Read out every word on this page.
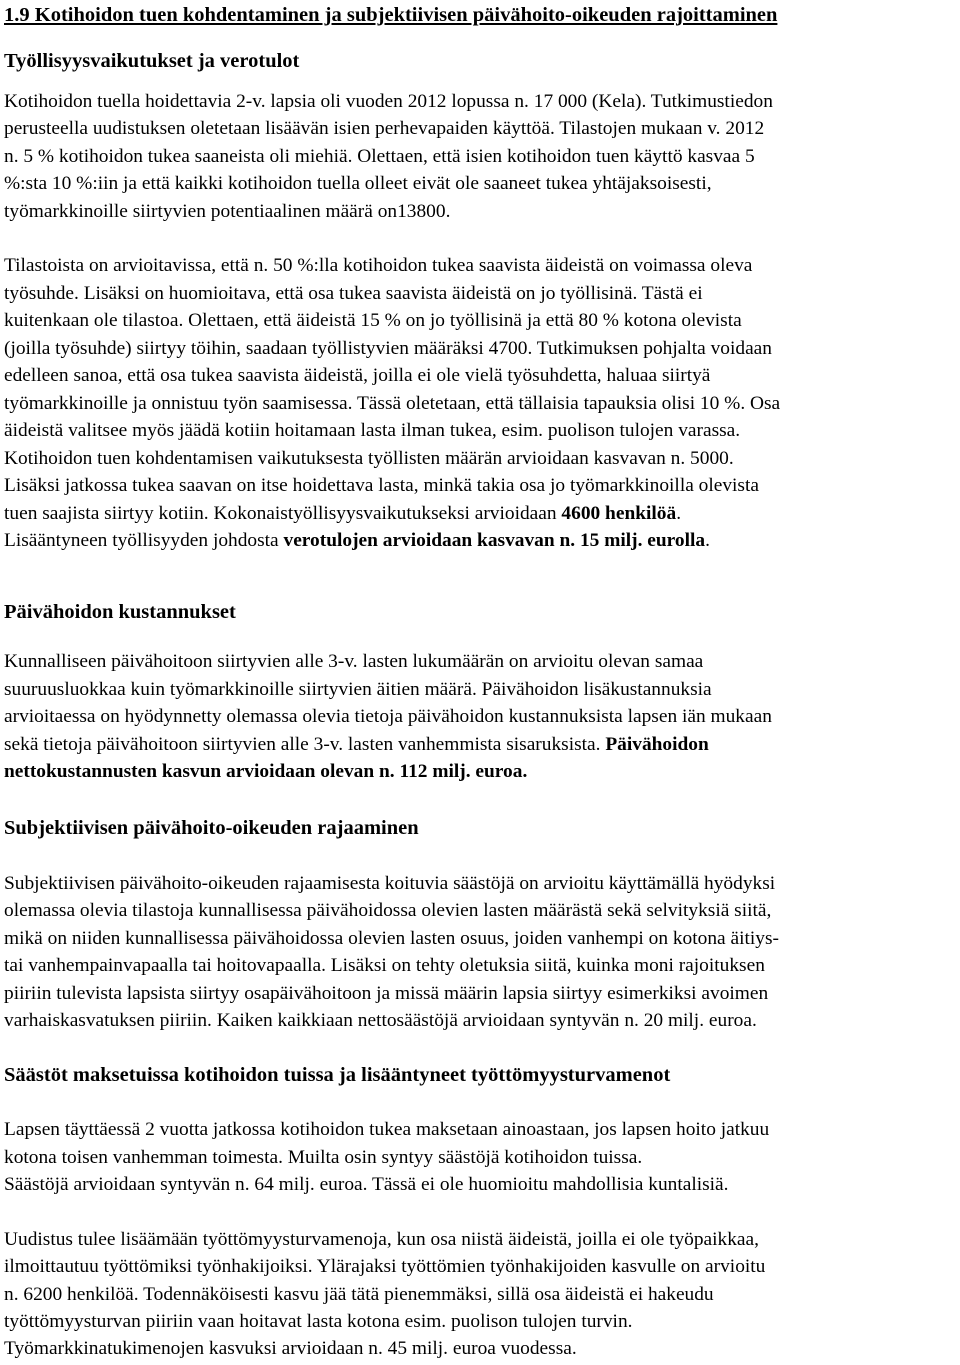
1.9 Kotihoidon tuen kohdentaminen ja subjektiivisen päivähoito-oikeuden rajoittaminen
Työllisyysvaikutukset ja verotulot
Kotihoidon tuella hoidettavia 2-v. lapsia oli vuoden 2012 lopussa n. 17 000 (Kela). Tutkimustiedon
perusteella uudistuksen oletetaan lisäävän isien perhevapaiden käyttöä. Tilastojen mukaan v. 2012
n. 5 % kotihoidon tukea saaneista oli miehiä. Olettaen, että isien kotihoidon tuen käyttö kasvaa 5
%:sta 10 %:iin ja että kaikki kotihoidon tuella olleet eivät ole saaneet tukea yhtäjaksoisesti,
työmarkkinoille siirtyvien potentiaalinen määrä on13800.
Tilastoista on arvioitavissa, että n. 50 %:lla kotihoidon tukea saavista äideistä on voimassa oleva
työsuhde. Lisäksi on huomioitava, että osa tukea saavista äideistä on jo työllisinä. Tästä ei
kuitenkaan ole tilastoa. Olettaen, että äideistä 15 % on jo työllisinä ja että 80 % kotona olevista
(joilla työsuhde) siirtyy töihin, saadaan työllistyvien määräksi 4700. Tutkimuksen pohjalta voidaan
edelleen sanoa, että osa tukea saavista äideistä, joilla ei ole vielä työsuhdetta, haluaa siirtyä
työmarkkinoille ja onnistuu työn saamisessa. Tässä oletetaan, että tällaisia tapauksia olisi 10 %. Osa
äideistä valitsee myös jäädä kotiin hoitamaan lasta ilman tukea, esim. puolison tulojen varassa.
Kotihoidon tuen kohdentamisen vaikutuksesta työllisten määrän arvioidaan kasvavan n. 5000.
Lisäksi jatkossa tukea saavan on itse hoidettava lasta, minkä takia osa jo työmarkkinoilla olevista
tuen saajista siirtyy kotiin. Kokonaistyöllisyysvaikutukseksi arvioidaan 4600 henkilöä.
Lisääntyneen työllisyyden johdosta verotulojen arvioidaan kasvavan n. 15 milj. eurolla.
Päivähoidon kustannukset
Kunnalliseen päivähoitoon siirtyvien alle 3-v. lasten lukumäärän on arvioitu olevan samaa
suuruusluokkaa kuin työmarkkinoille siirtyvien äitien määrä. Päivähoidon lisäkustannuksia
arvioitaessa on hyödynnetty olemassa olevia tietoja päivähoidon kustannuksista lapsen iän mukaan
sekä tietoja päivähoitoon siirtyvien alle 3-v. lasten vanhemmista sisaruksista. Päivähoidon
nettokustannusten kasvun arvioidaan olevan n. 112 milj. euroa.
Subjektiivisen päivähoito-oikeuden rajaaminen
Subjektiivisen päivähoito-oikeuden rajaamisesta koituvia säästöjä on arvioitu käyttämällä hyödyksi
olemassa olevia tilastoja kunnallisessa päivähoidossa olevien lasten määrästä sekä selvityksiä siitä,
mikä on niiden kunnallisessa päivähoidossa olevien lasten osuus, joiden vanhempi on kotona äitiys-
tai vanhempainvapaalla tai hoitovapaalla. Lisäksi on tehty oletuksia siitä, kuinka moni rajoituksen
piiriin tulevista lapsista siirtyy osapäivähoitoon ja missä määrin lapsia siirtyy esimerkiksi avoimen
varhaiskasvatuksen piiriin. Kaiken kaikkiaan nettosäästöjä arvioidaan syntyvän n. 20 milj. euroa.
Säästöt maksetuissa kotihoidon tuissa ja lisääntyneet työttömyysturvamenot
Lapsen täyttäessä 2 vuotta jatkossa kotihoidon tukea maksetaan ainoastaan, jos lapsen hoito jatkuu
kotona toisen vanhemman toimesta. Muilta osin syntyy säästöjä kotihoidon tuissa.
Säästöjä arvioidaan syntyvän n. 64 milj. euroa. Tässä ei ole huomioitu mahdollisia kuntalisiä.
Uudistus tulee lisäämään työttömyysturvamenoja, kun osa niistä äideistä, joilla ei ole työpaikkaa,
ilmoittautuu työttömiksi työnhakijoiksi. Ylärajaksi työttömien työnhakijoiden kasvulle on arvioitu
n. 6200 henkilöä. Todennäköisesti kasvu jää tätä pienemmäksi, sillä osa äideistä ei hakeudu
työttömyysturvan piiriin vaan hoitavat lasta kotona esim. puolison tulojen turvin.
Työmarkkinatukimenojen kasvuksi arvioidaan n. 45 milj. euroa vuodessa.
